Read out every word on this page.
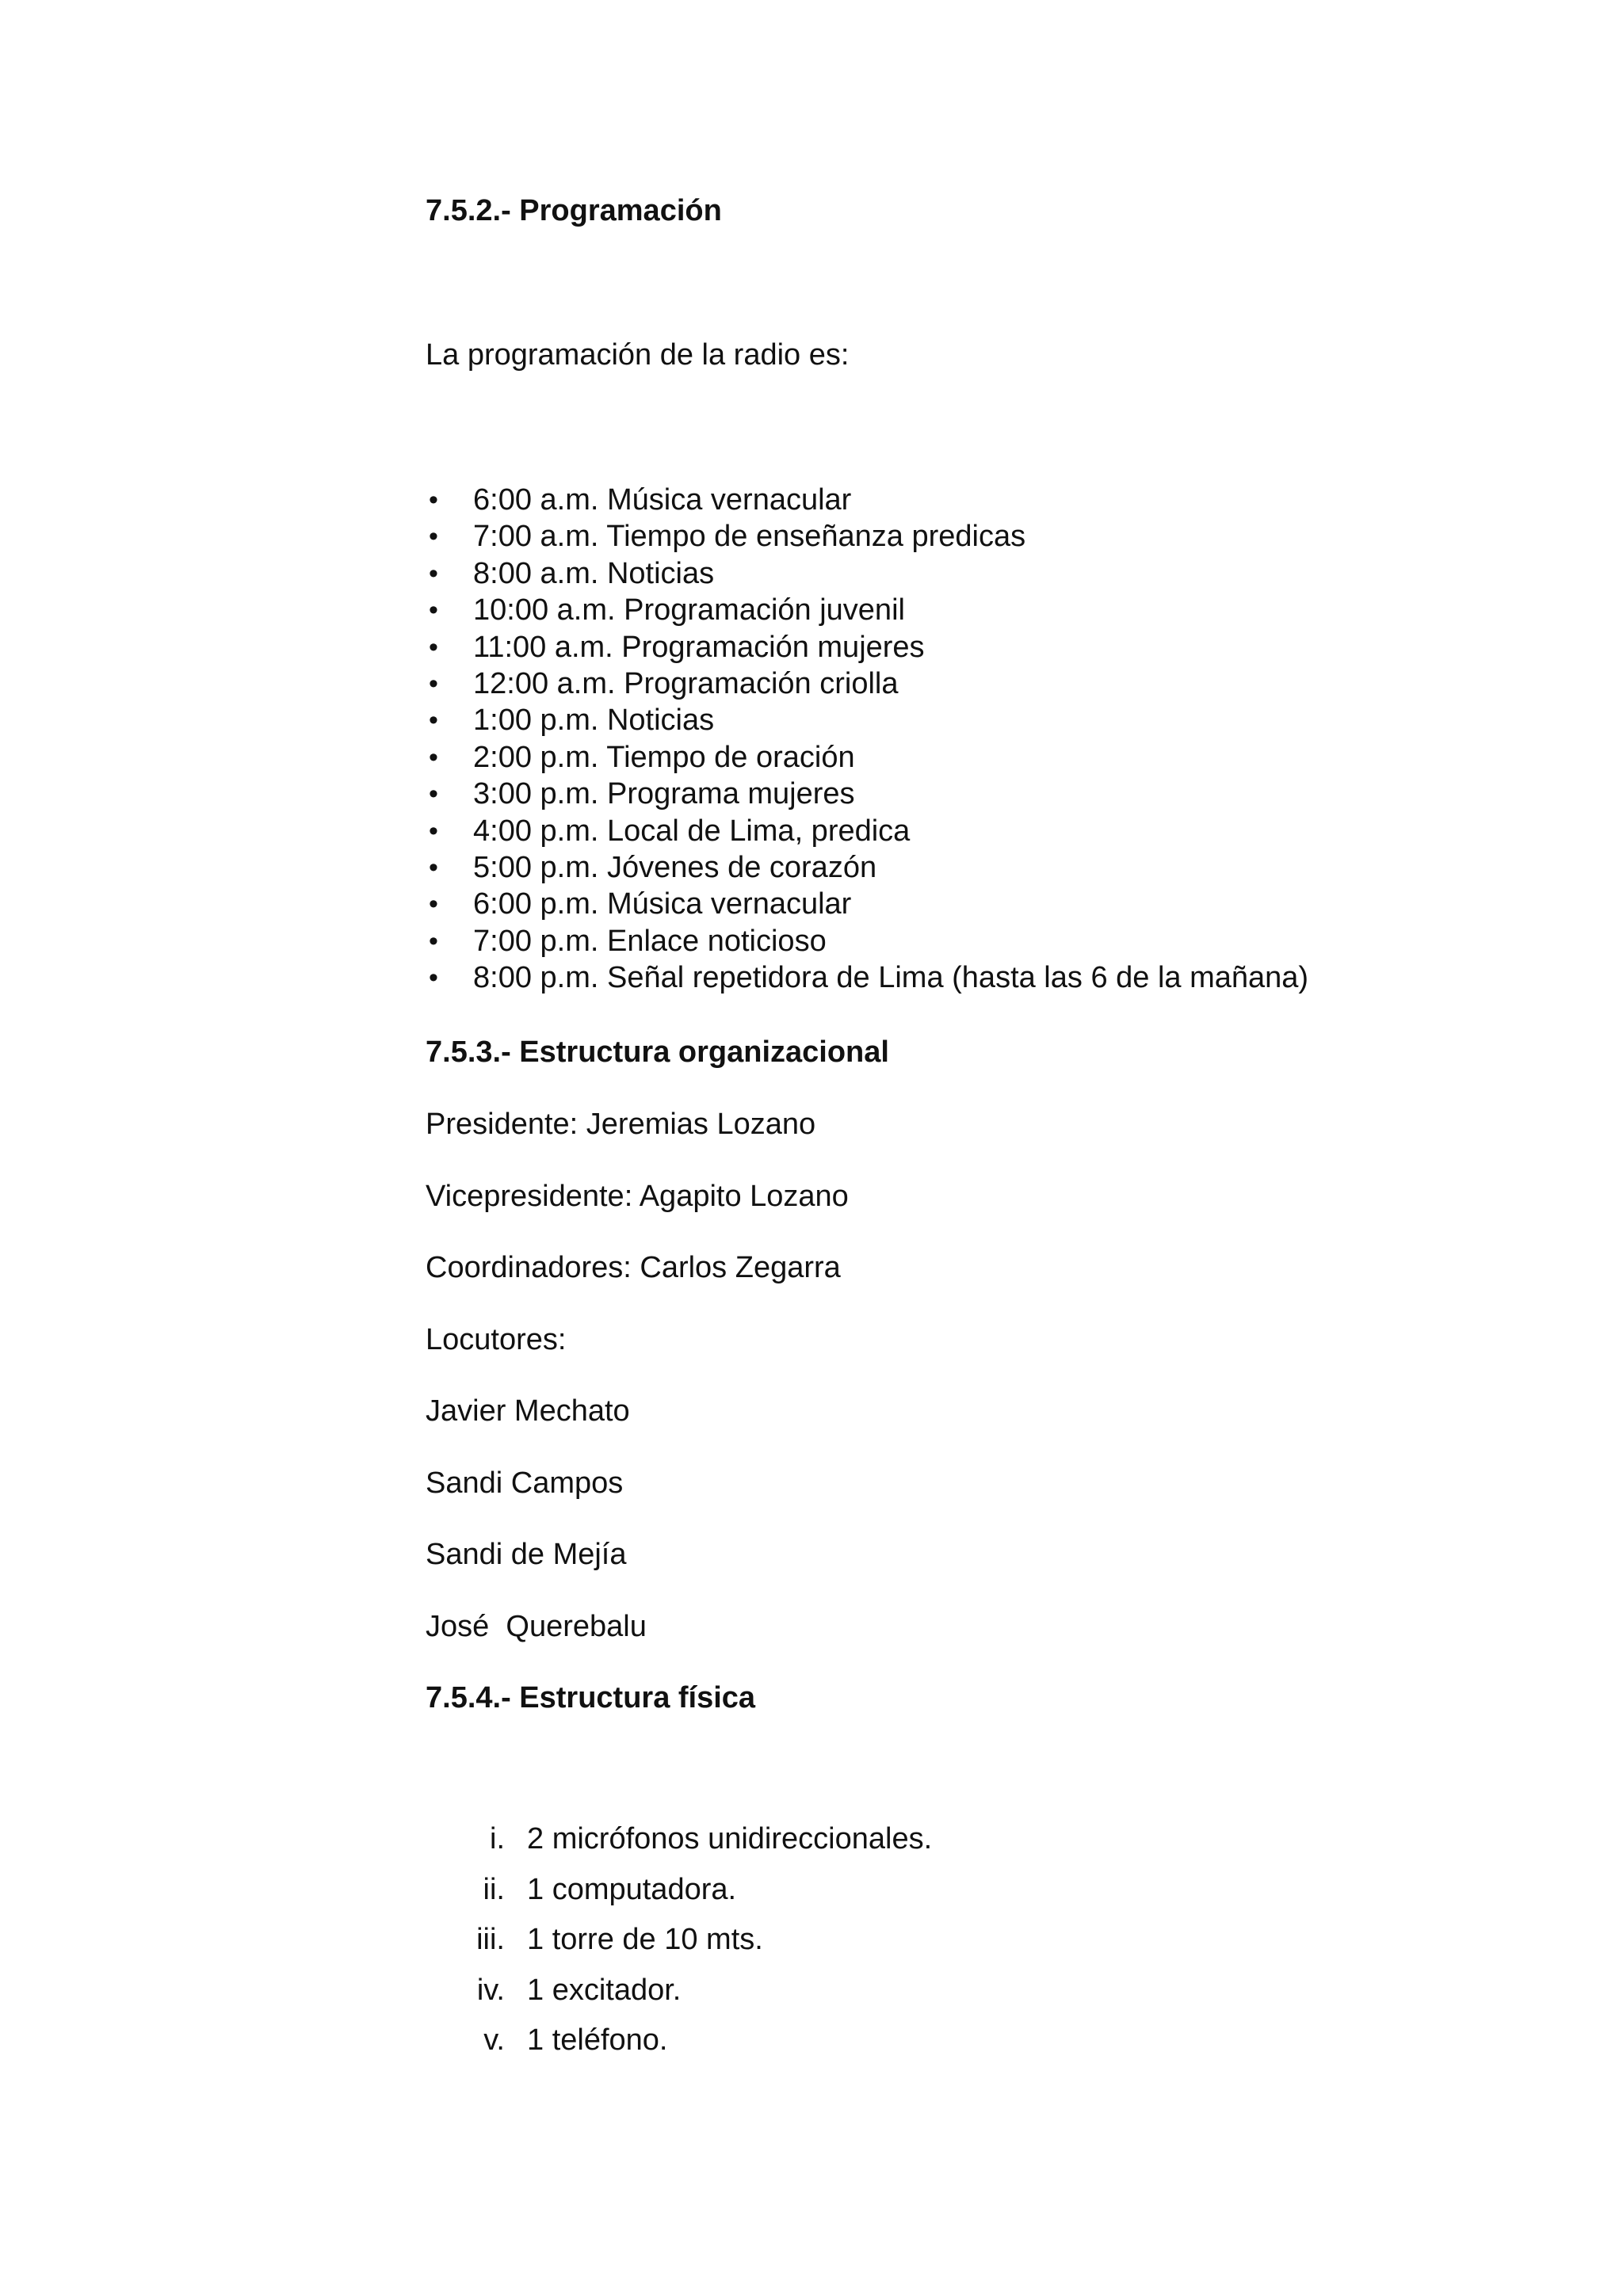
7.5.2.- Programación
La programación de la radio es:
•	6:00 a.m. Música vernacular
•	7:00 a.m. Tiempo de enseñanza predicas
•	8:00 a.m. Noticias
•	10:00 a.m. Programación juvenil
•	11:00 a.m. Programación mujeres
•	12:00 a.m. Programación criolla
•	1:00 p.m. Noticias
•	2:00 p.m. Tiempo de oración
•	3:00 p.m. Programa mujeres
•	4:00 p.m. Local de Lima, predica
•	5:00 p.m. Jóvenes de corazón
•	6:00 p.m. Música vernacular
•	7:00 p.m. Enlace noticioso
•	8:00 p.m. Señal repetidora de Lima (hasta las 6 de la mañana)
7.5.3.- Estructura organizacional
Presidente: Jeremias Lozano
Vicepresidente: Agapito Lozano
Coordinadores: Carlos Zegarra
Locutores:
Javier Mechato
Sandi Campos
Sandi de Mejía
José  Querebalu
7.5.4.- Estructura física
i. 2 micrófonos unidireccionales.
ii. 1 computadora.
iii. 1 torre de 10 mts.
iv. 1 excitador.
v. 1 teléfono.
